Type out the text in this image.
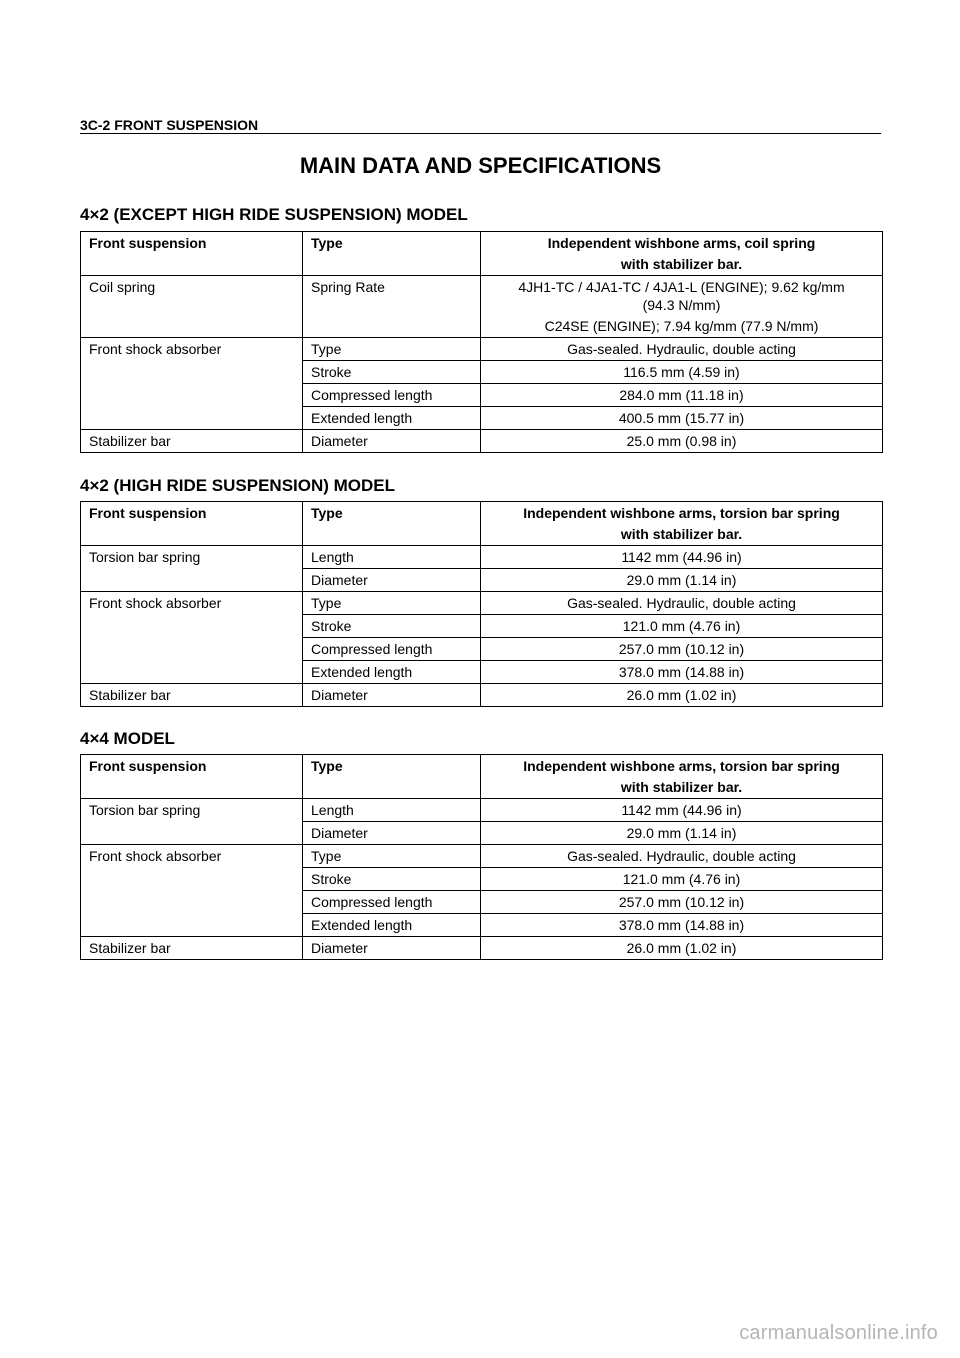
3C-2 FRONT SUSPENSION
MAIN DATA AND SPECIFICATIONS
4×2 (EXCEPT HIGH RIDE SUSPENSION) MODEL
Front suspension	Type	Independent wishbone arms, coil spring
with stabilizer bar.

Coil spring	Spring Rate	4JH1-TC / 4JA1-TC / 4JA1-L (ENGINE); 9.62 kg/mm
(94.3 N/mm)
C24SE (ENGINE); 7.94 kg/mm (77.9 N/mm)

Front shock absorber	Type	Gas-sealed. Hydraulic, double acting
	Stroke	116.5 mm (4.59 in)
	Compressed length	284.0 mm (11.18 in)
	Extended length	400.5 mm (15.77 in)
Stabilizer bar	Diameter	25.0 mm (0.98 in)
4×2 (HIGH RIDE SUSPENSION) MODEL
Front suspension	Type	Independent wishbone arms, torsion bar spring
with stabilizer bar.

Torsion bar spring	Length	1142 mm (44.96 in)
	Diameter	29.0 mm (1.14 in)
Front shock absorber	Type	Gas-sealed. Hydraulic, double acting
	Stroke	121.0 mm (4.76 in)
	Compressed length	257.0 mm (10.12 in)
	Extended length	378.0 mm (14.88 in)
Stabilizer bar	Diameter	26.0 mm (1.02 in)
4×4 MODEL
Front suspension	Type	Independent wishbone arms, torsion bar spring
with stabilizer bar.

Torsion bar spring	Length	1142 mm (44.96 in)
	Diameter	29.0 mm (1.14 in)
Front shock absorber	Type	Gas-sealed. Hydraulic, double acting
	Stroke	121.0 mm (4.76 in)
	Compressed length	257.0 mm (10.12 in)
	Extended length	378.0 mm (14.88 in)
Stabilizer bar	Diameter	26.0 mm (1.02 in)
carmanualsonline.info
